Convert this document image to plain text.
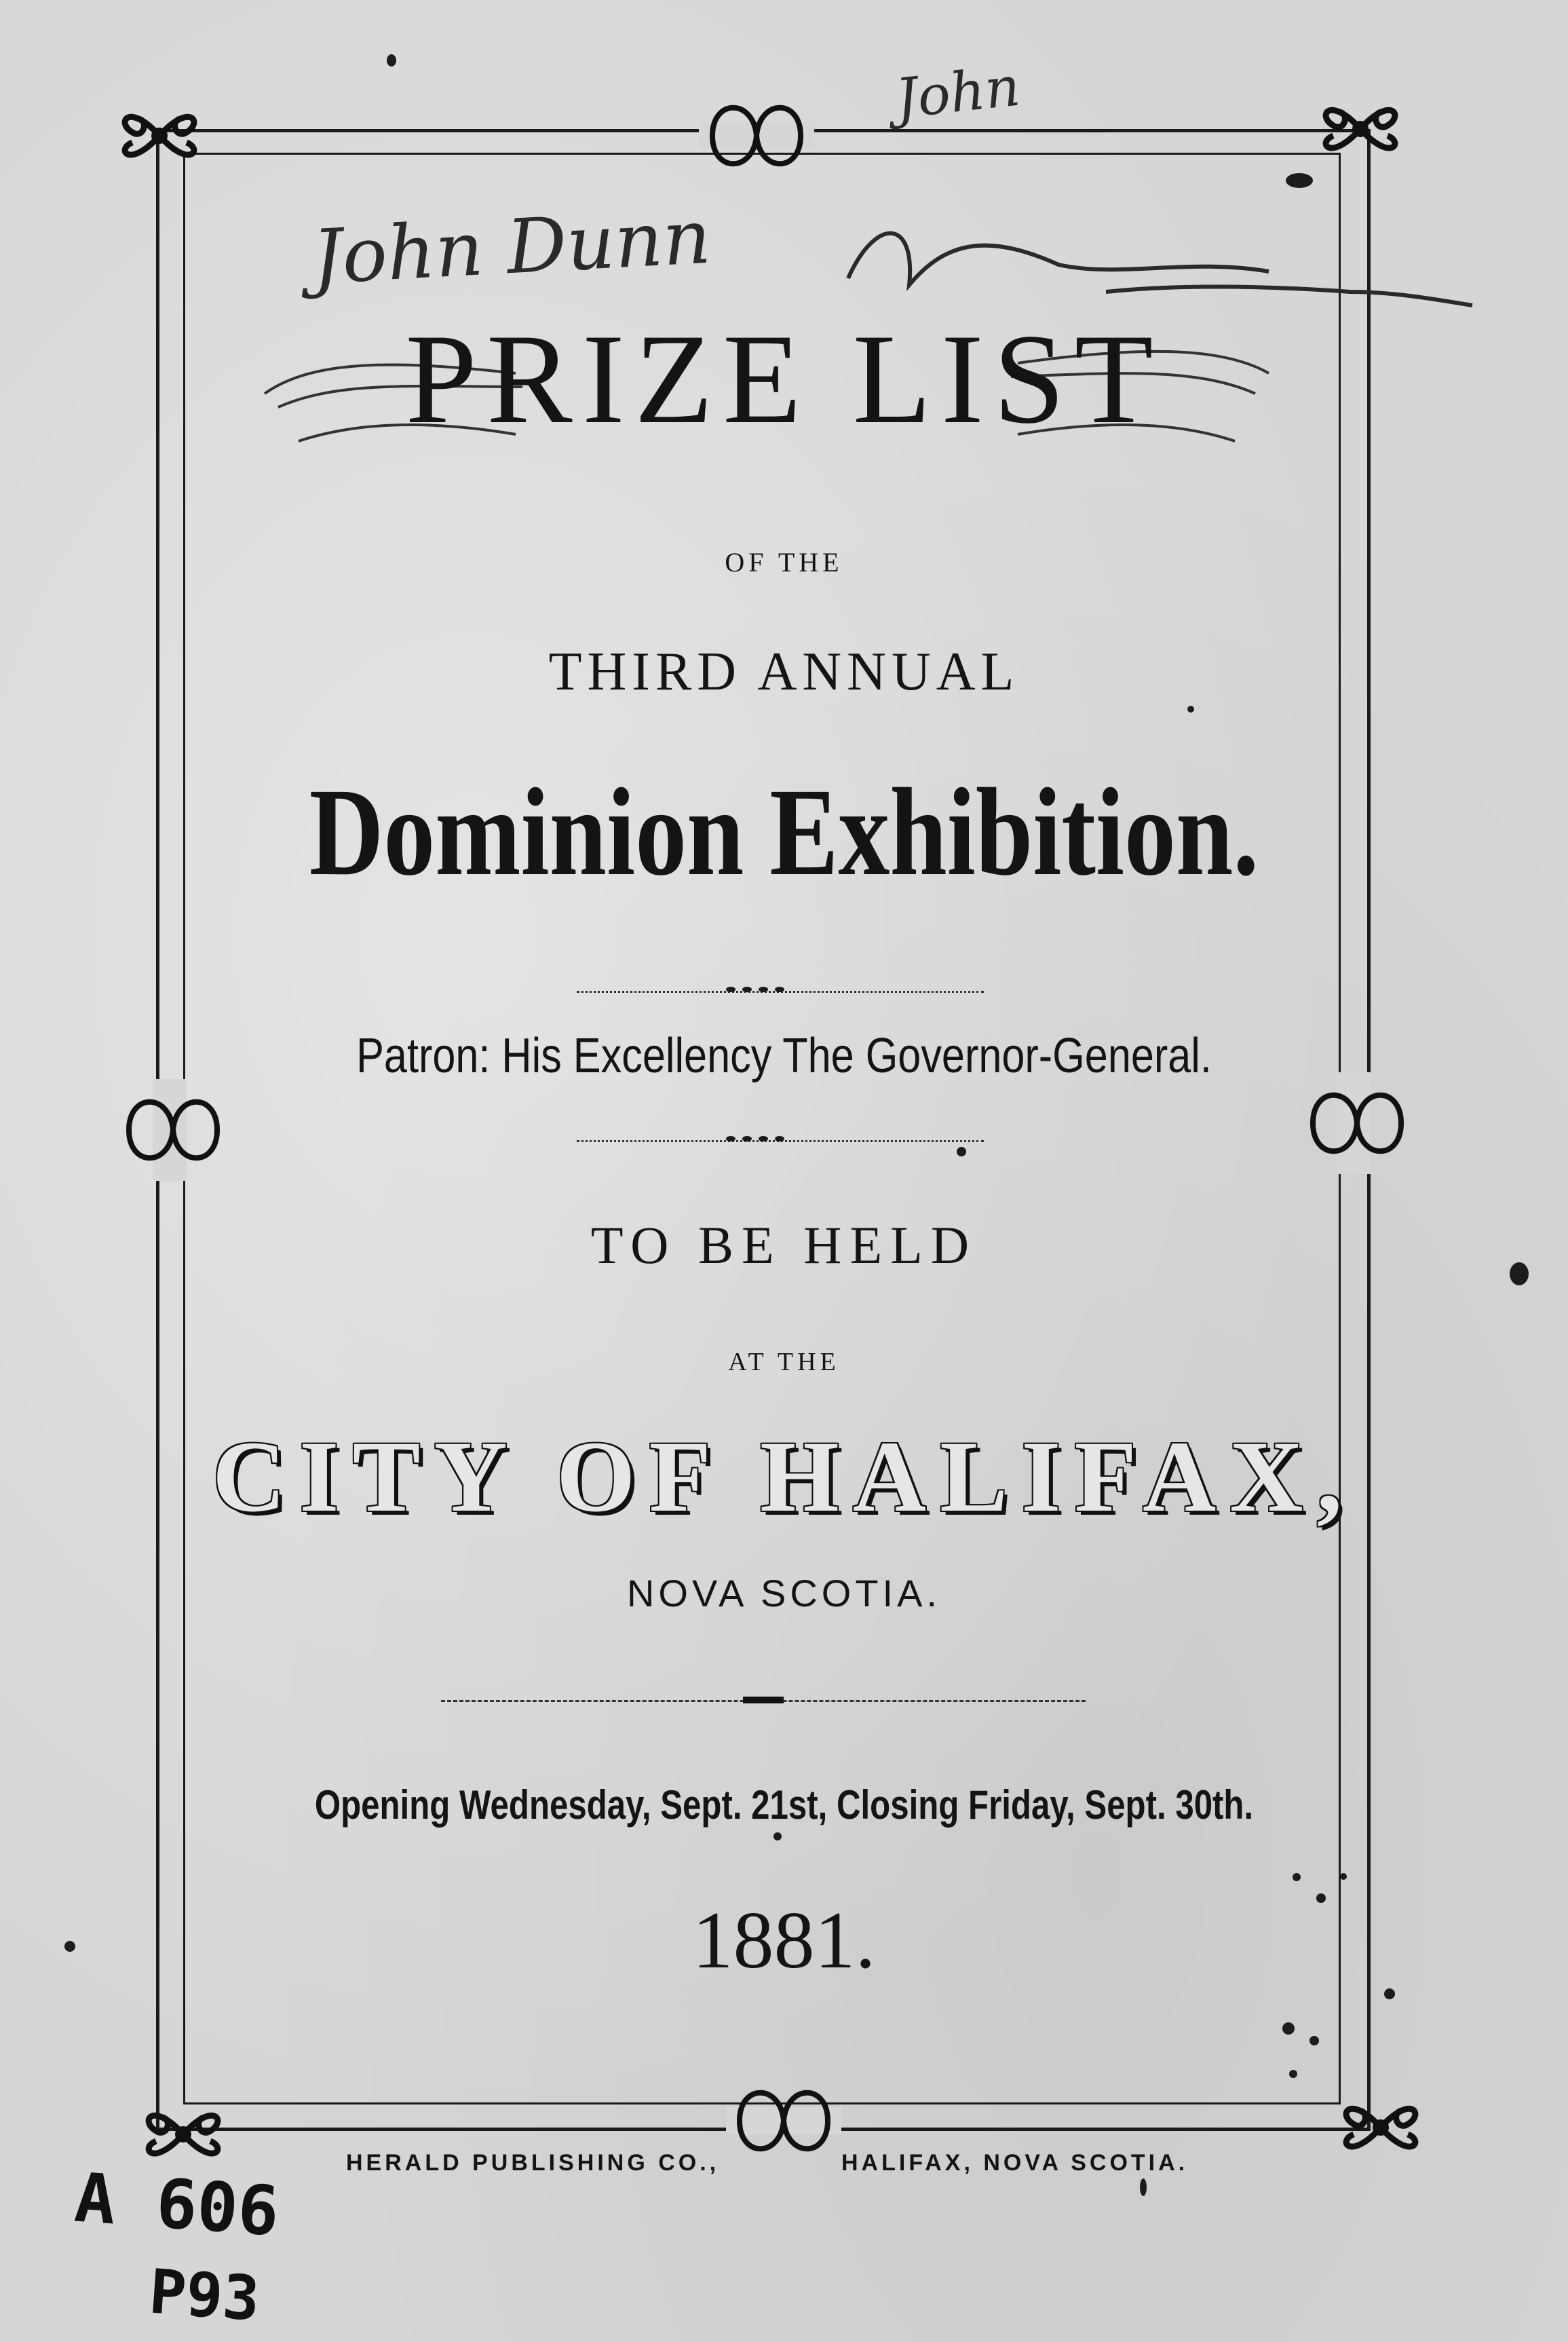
John
John Dunn
PRIZE LIST
OF THE
THIRD ANNUAL
Dominion Exhibition.
Patron: His Excellency The Governor-General.
TO BE HELD
AT THE
CITY OF HALIFAX,
NOVA SCOTIA.
Opening Wednesday, Sept. 21st, Closing Friday, Sept. 30th.
1881.
HERALD PUBLISHING CO.,	HALIFAX, NOVA SCOTIA.
A 606
P93
